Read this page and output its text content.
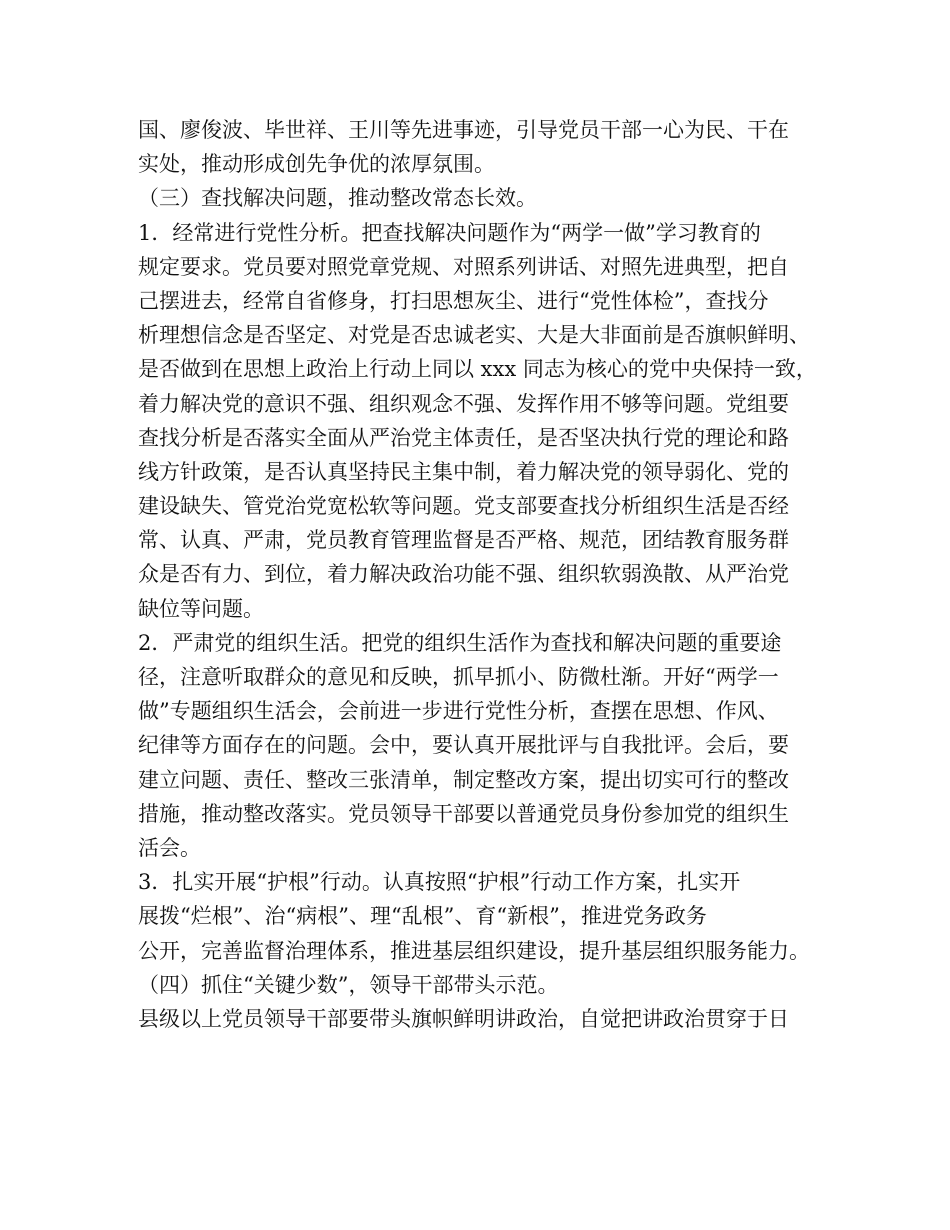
国、廖俊波、毕世祥、王川等先进事迹，引导党员干部一心为民、干在
实处，推动形成创先争优的浓厚氛围。
（三）查找解决问题，推动整改常态长效。
1．经常进行党性分析。把查找解决问题作为“两学一做”学习教育的
规定要求。党员要对照党章党规、对照系列讲话、对照先进典型，把自
己摆进去，经常自省修身，打扫思想灰尘、进行“党性体检”，查找分
析理想信念是否坚定、对党是否忠诚老实、大是大非面前是否旗帜鲜明、
是否做到在思想上政治上行动上同以 xxx 同志为核心的党中央保持一致，
着力解决党的意识不强、组织观念不强、发挥作用不够等问题。党组要
查找分析是否落实全面从严治党主体责任，是否坚决执行党的理论和路
线方针政策，是否认真坚持民主集中制，着力解决党的领导弱化、党的
建设缺失、管党治党宽松软等问题。党支部要查找分析组织生活是否经
常、认真、严肃，党员教育管理监督是否严格、规范，团结教育服务群
众是否有力、到位，着力解决政治功能不强、组织软弱涣散、从严治党
缺位等问题。
2．严肃党的组织生活。把党的组织生活作为查找和解决问题的重要途
径，注意听取群众的意见和反映，抓早抓小、防微杜渐。开好“两学一
做”专题组织生活会，会前进一步进行党性分析，查摆在思想、作风、
纪律等方面存在的问题。会中，要认真开展批评与自我批评。会后，要
建立问题、责任、整改三张清单，制定整改方案，提出切实可行的整改
措施，推动整改落实。党员领导干部要以普通党员身份参加党的组织生
活会。
3．扎实开展“护根”行动。认真按照“护根”行动工作方案，扎实开
展拨“烂根”、治“病根”、理“乱根”、育“新根”，推进党务政务
公开，完善监督治理体系，推进基层组织建设，提升基层组织服务能力。
（四）抓住“关键少数”，领导干部带头示范。
县级以上党员领导干部要带头旗帜鲜明讲政治，自觉把讲政治贯穿于日
